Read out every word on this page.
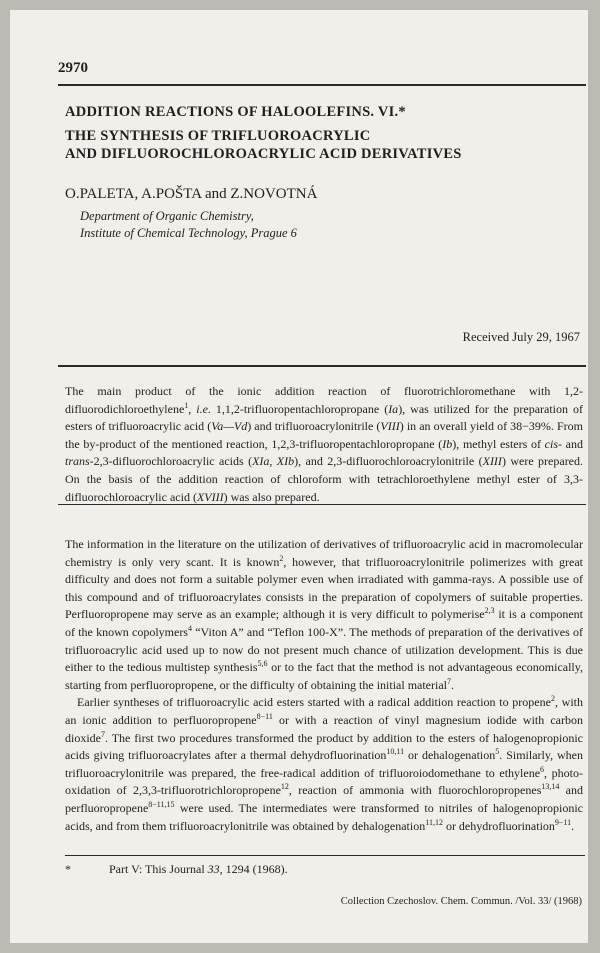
2970
ADDITION REACTIONS OF HALOOLEFINS. VI.*
THE SYNTHESIS OF TRIFLUOROACRYLIC
AND DIFLUOROCHLOROACRYLIC ACID DERIVATIVES
O.PALETA, A.POŠTA and Z.NOVOTNÁ
Department of Organic Chemistry,
Institute of Chemical Technology, Prague 6
Received July 29, 1967
The main product of the ionic addition reaction of fluorotrichloromethane with 1,2-difluorodichloroethylene$^1$, i.e. 1,1,2-trifluoropentachloropropane (Ia), was utilized for the preparation of esters of trifluoroacrylic acid (Va—Vd) and trifluoroacrylonitrile (VIII) in an overall yield of 38−39%. From the by-product of the mentioned reaction, 1,2,3-trifluoropentachloropropane (Ib), methyl esters of cis- and trans-2,3-difluorochloroacrylic acids (XIa, XIb), and 2,3-difluorochloroacrylonitrile (XIII) were prepared. On the basis of the addition reaction of chloroform with tetrachloroethylene methyl ester of 3,3-difluorochloroacrylic acid (XVIII) was also prepared.

The information in the literature on the utilization of derivatives of trifluoroacrylic acid in macromolecular chemistry is only very scant. It is known$^2$, however, that trifluoroacrylonitrile polimerizes with great difficulty and does not form a suitable polymer even when irradiated with gamma-rays. A possible use of this compound and of trifluoroacrylates consists in the preparation of copolymers of suitable properties. Perfluoropropene may serve as an example; although it is very difficult to polymerise$^{2,3}$ it is a component of the known copolymers$^4$ “Viton A” and “Teflon 100-X”. The methods of preparation of the derivatives of trifluoroacrylic acid used up to now do not present much chance of utilization development. This is due either to the tedious multistep synthesis$^{5,6}$ or to the fact that the method is not advantageous economically, starting from perfluoropropene, or the difficulty of obtaining the initial material$^7$.

Earlier syntheses of trifluoroacrylic acid esters started with a radical addition reaction to propene$^2$, with an ionic addition to perfluoropropene$^{8-11}$ or with a reaction of vinyl magnesium iodide with carbon dioxide$^7$. The first two procedures transformed the product by addition to the esters of halogenopropionic acids giving trifluoroacrylates after a thermal dehydrofluorination$^{10,11}$ or dehalogenation$^5$. Similarly, when trifluoroacrylonitrile was prepared, the free-radical addition of trifluoroiodomethane to ethylene$^6$, photo-oxidation of 2,3,3-trifluorotrichloropropene$^{12}$, reaction of ammonia with fluorochloropropenes$^{13,14}$ and perfluoropropene$^{8-11,15}$ were used. The intermediates were transformed to nitriles of halogenopropionic acids, and from them trifluoroacrylonitrile was obtained by dehalogenation$^{11,12}$ or dehydrofluorination$^{9-11}$.

*	Part V: This Journal 33, 1294 (1968).
Collection Czechoslov. Chem. Commun. /Vol. 33/ (1968)
